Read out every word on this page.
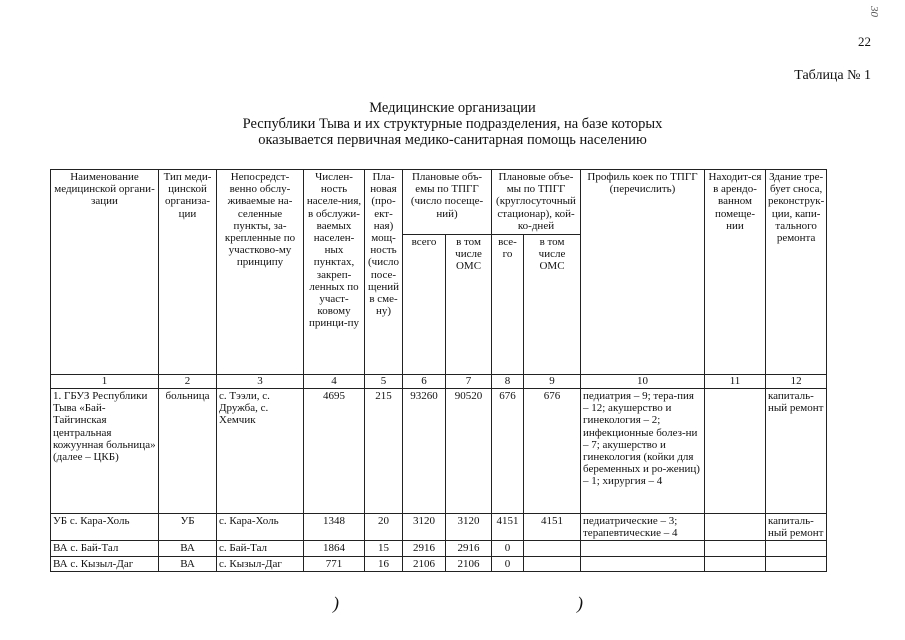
30
22
Таблица № 1
Медицинские организации
Республики Тыва и их структурные подразделения, на базе которых
оказывается первичная медико-санитарная помощь населению
Наименование медицинской органи-зации	Тип меди-цинской организа-ции	Непосредст-венно обслу-живаемые на-селенные пункты, за-крепленные по участково-му принципу	Числен-ность населе-ния, в обслужи-ваемых населен-ных пунктах, закреп-ленных по участ-ковому принци-пу	Пла-новая (про-ект-ная) мощ-ность (число посе-щений в сме-ну)	Плановые объ-емы по ТПГГ (число посеще-ний)		Плановые объе-мы по ТПГГ (круглосуточный стационар), кой-ко-дней		Профиль коек по ТПГГ (перечислить)	Находит-ся в арендо-ванном помеще-нии	Здание тре-бует сноса, реконструк-ции, капи-тального ремонта
					всего	в том числе ОМС	все-го	в том числе ОМС			
1	2	3	4	5	6	7	8	9	10	11	12
1. ГБУЗ Республики Тыва «Бай-Тайгинская центральная кожуунная больница» (далее – ЦКБ)	больница	с. Тээли, с. Дружба, с. Хемчик	4695	215	93260	90520	676	676	педиатрия – 9; тера-пия – 12; акушерство и гинекология – 2; инфекционные болез-ни – 7; акушерство и гинекология (койки для беременных и ро-жениц) – 1; хирургия – 4		капиталь-ный ремонт
УБ с. Кара-Холь	УБ	с. Кара-Холь	1348	20	3120	3120	4151	4151	педиатрические – 3; терапевтические – 4		капиталь-ный ремонт
ВА с. Бай-Тал	ВА	с. Бай-Тал	1864	15	2916	2916	0				
ВА с. Кызыл-Даг	ВА	с. Кызыл-Даг	771	16	2106	2106	0				
)	)
